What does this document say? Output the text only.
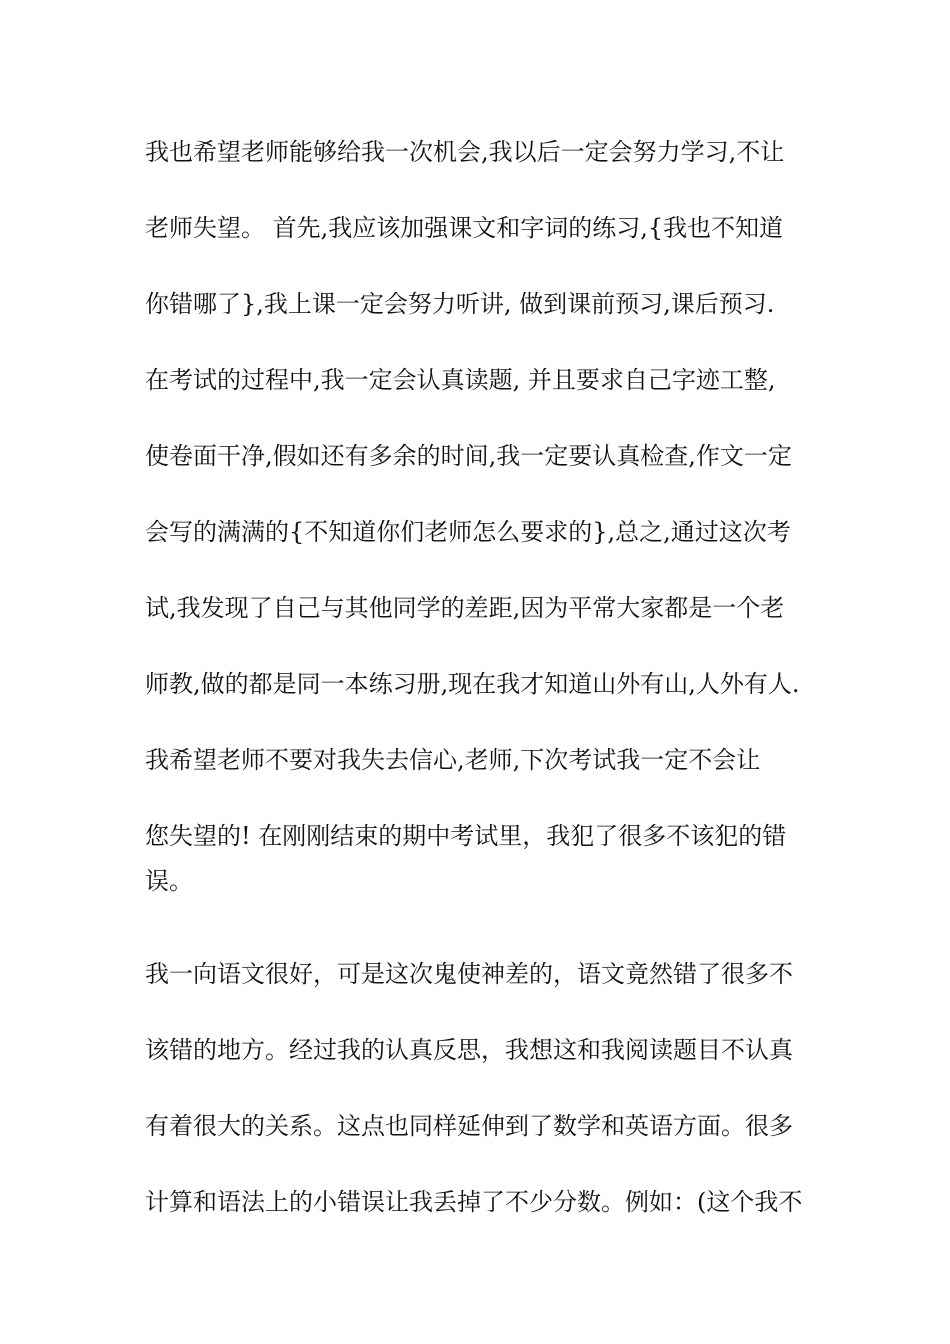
我也希望老师能够给我一次机会,我以后一定会努力学习,不让
老师失望。 首先,我应该加强课文和字词的练习,{我也不知道
你错哪了},我上课一定会努力听讲, 做到课前预习,课后预习.
在考试的过程中,我一定会认真读题, 并且要求自己字迹工整,
使卷面干净,假如还有多余的时间,我一定要认真检查,作文一定
会写的满满的{不知道你们老师怎么要求的},总之,通过这次考
试,我发现了自己与其他同学的差距,因为平常大家都是一个老
师教,做的都是同一本练习册,现在我才知道山外有山,人外有人.
我希望老师不要对我失去信心,老师,下次考试我一定不会让
您失望的! 在刚刚结束的期中考试里，我犯了很多不该犯的错
误。
我一向语文很好，可是这次鬼使神差的，语文竟然错了很多不
该错的地方。经过我的认真反思，我想这和我阅读题目不认真
有着很大的关系。这点也同样延伸到了数学和英语方面。很多
计算和语法上的小错误让我丢掉了不少分数。例如：(这个我不
